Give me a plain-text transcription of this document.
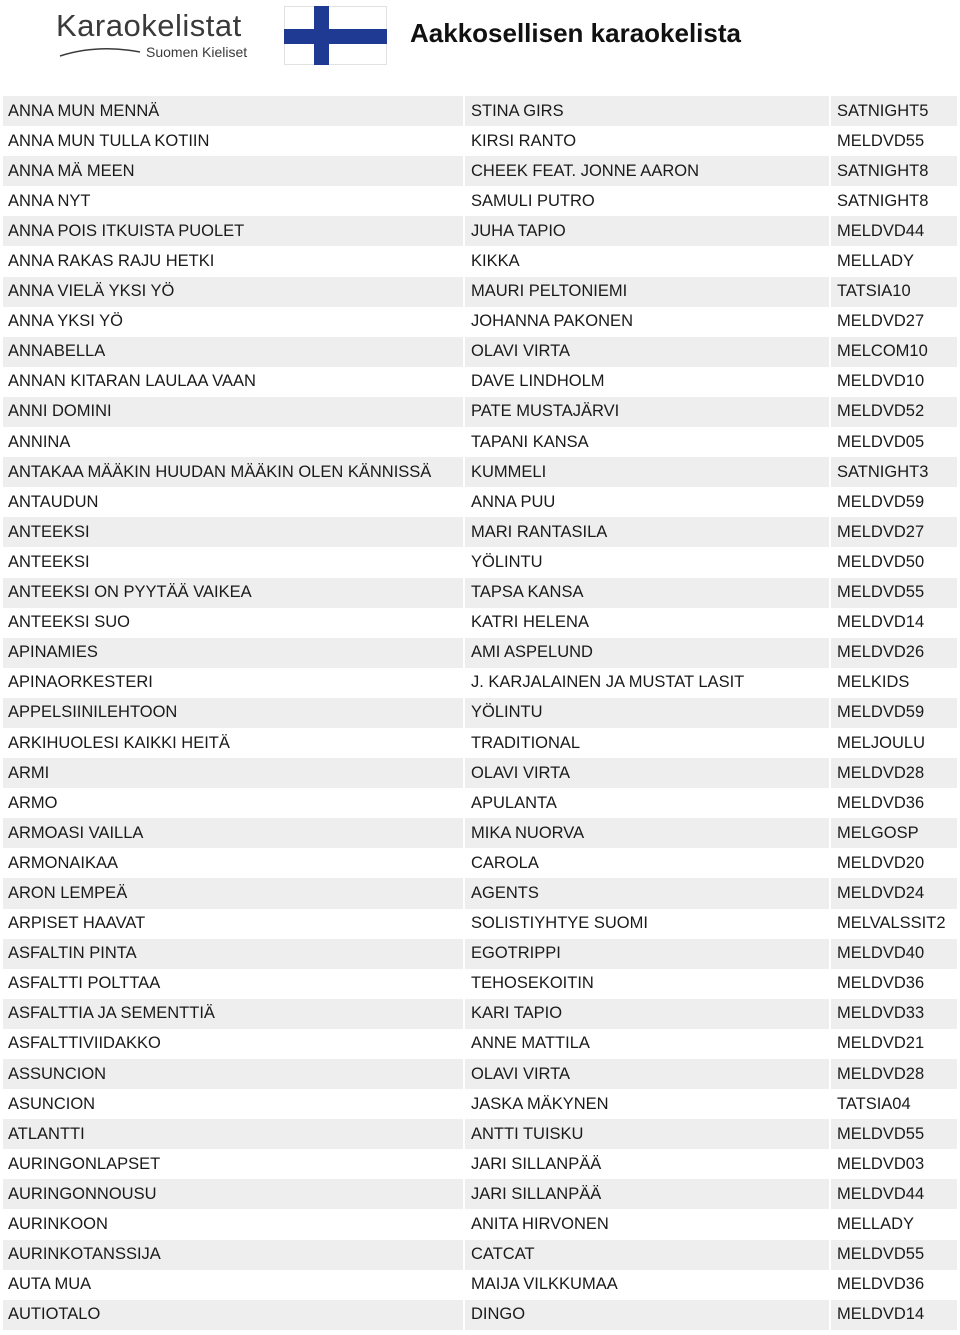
Karaokelistat
Suomen Kieliset
Aakkosellisen karaokelista
ANNA MUN MENNÄ	STINA GIRS	SATNIGHT5
ANNA MUN TULLA KOTIIN	KIRSI RANTO	MELDVD55
ANNA MÄ MEEN	CHEEK FEAT. JONNE AARON	SATNIGHT8
ANNA NYT	SAMULI PUTRO	SATNIGHT8
ANNA POIS ITKUISTA PUOLET	JUHA TAPIO	MELDVD44
ANNA RAKAS RAJU HETKI	KIKKA	MELLADY
ANNA VIELÄ YKSI YÖ	MAURI PELTONIEMI	TATSIA10
ANNA YKSI YÖ	JOHANNA PAKONEN	MELDVD27
ANNABELLA	OLAVI VIRTA	MELCOM10
ANNAN KITARAN LAULAA VAAN	DAVE LINDHOLM	MELDVD10
ANNI DOMINI	PATE MUSTAJÄRVI	MELDVD52
ANNINA	TAPANI KANSA	MELDVD05
ANTAKAA MÄÄKIN HUUDAN MÄÄKIN OLEN KÄNNISSÄ	KUMMELI	SATNIGHT3
ANTAUDUN	ANNA PUU	MELDVD59
ANTEEKSI	MARI RANTASILA	MELDVD27
ANTEEKSI	YÖLINTU	MELDVD50
ANTEEKSI ON PYYTÄÄ VAIKEA	TAPSA KANSA	MELDVD55
ANTEEKSI SUO	KATRI HELENA	MELDVD14
APINAMIES	AMI ASPELUND	MELDVD26
APINAORKESTERI	J. KARJALAINEN JA MUSTAT LASIT	MELKIDS
APPELSIINILEHTOON	YÖLINTU	MELDVD59
ARKIHUOLESI KAIKKI HEITÄ	TRADITIONAL	MELJOULU
ARMI	OLAVI VIRTA	MELDVD28
ARMO	APULANTA	MELDVD36
ARMOASI VAILLA	MIKA NUORVA	MELGOSP
ARMONAIKAA	CAROLA	MELDVD20
ARON LEMPEÄ	AGENTS	MELDVD24
ARPISET HAAVAT	SOLISTIYHTYE SUOMI	MELVALSSIT2
ASFALTIN PINTA	EGOTRIPPI	MELDVD40
ASFALTTI POLTTAA	TEHOSEKOITIN	MELDVD36
ASFALTTIA JA SEMENTTIÄ	KARI TAPIO	MELDVD33
ASFALTTIVIIDAKKO	ANNE MATTILA	MELDVD21
ASSUNCION	OLAVI VIRTA	MELDVD28
ASUNCION	JASKA MÄKYNEN	TATSIA04
ATLANTTI	ANTTI TUISKU	MELDVD55
AURINGONLAPSET	JARI SILLANPÄÄ	MELDVD03
AURINGONNOUSU	JARI SILLANPÄÄ	MELDVD44
AURINKOON	ANITA HIRVONEN	MELLADY
AURINKOTANSSIJA	CATCAT	MELDVD55
AUTA MUA	MAIJA VILKKUMAA	MELDVD36
AUTIOTALO	DINGO	MELDVD14
